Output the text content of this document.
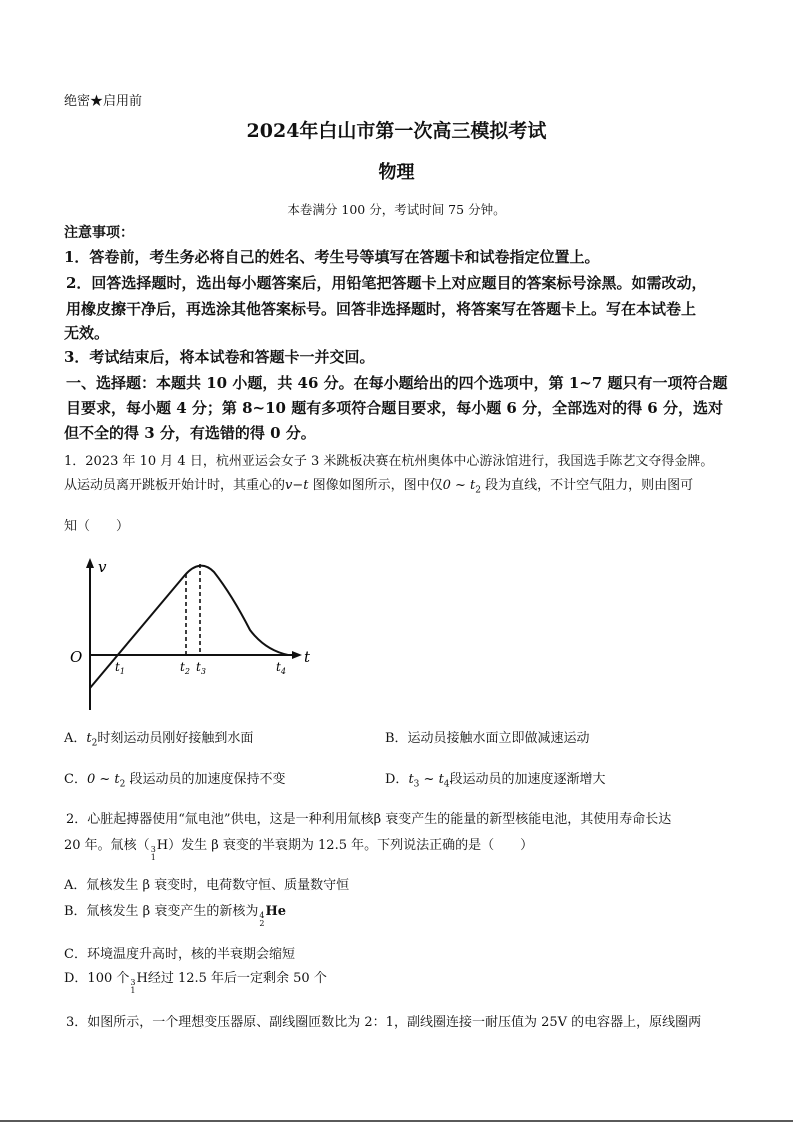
绝密★启用前
2024年白山市第一次高三模拟考试
物理
本卷满分 100 分，考试时间 75 分钟。
注意事项：
1．答卷前，考生务必将自己的姓名、考生号等填写在答题卡和试卷指定位置上。
2．回答选择题时，选出每小题答案后，用铅笔把答题卡上对应题目的答案标号涂黑。如需改动，
用橡皮擦干净后，再选涂其他答案标号。回答非选择题时，将答案写在答题卡上。写在本试卷上
无效。
3．考试结束后，将本试卷和答题卡一并交回。
一、选择题：本题共 10 小题，共 46 分。在每小题给出的四个选项中，第 1~7 题只有一项符合题
目要求，每小题 4 分；第 8~10 题有多项符合题目要求，每小题 6 分，全部选对的得 6 分，选对
但不全的得 3 分，有选错的得 0 分。
1．2023 年 10 月 4 日，杭州亚运会女子 3 米跳板决赛在杭州奥体中心游泳馆进行，我国选手陈艺文夺得金牌。
从运动员离开跳板开始计时，其重心的v−t 图像如图所示，图中仅0 ~ $t_2$ 段为直线，不计空气阻力，则由图可
知（　　）
v
t
O
$t_1$	$t_2$ $t_3$	$t_4$
A．$t_2$时刻运动员刚好接触到水面	B．运动员接触水面立即做减速运动
C．0 ~ $t_2$ 段运动员的加速度保持不变	D．$t_3$ ~ $t_4$段运动员的加速度逐渐增大
2．心脏起搏器使用“氚电池”供电，这是一种利用氚核β 衰变产生的能量的新型核能电池，其使用寿命长达
20 年。氚核（ 3
1
H）发生 β 衰变的半衰期为 12.5 年。下列说法正确的是（　　）
A．氚核发生 β 衰变时，电荷数守恒、质量数守恒
B．氚核发生 β 衰变产生的新核为 4
2
He
C．环境温度升高时，核的半衰期会缩短
D．100 个 3
1
H经过 12.5 年后一定剩余 50 个
3．如图所示，一个理想变压器原、副线圈匝数比为 2：1，副线圈连接一耐压值为 25V 的电容器上，原线圈两
